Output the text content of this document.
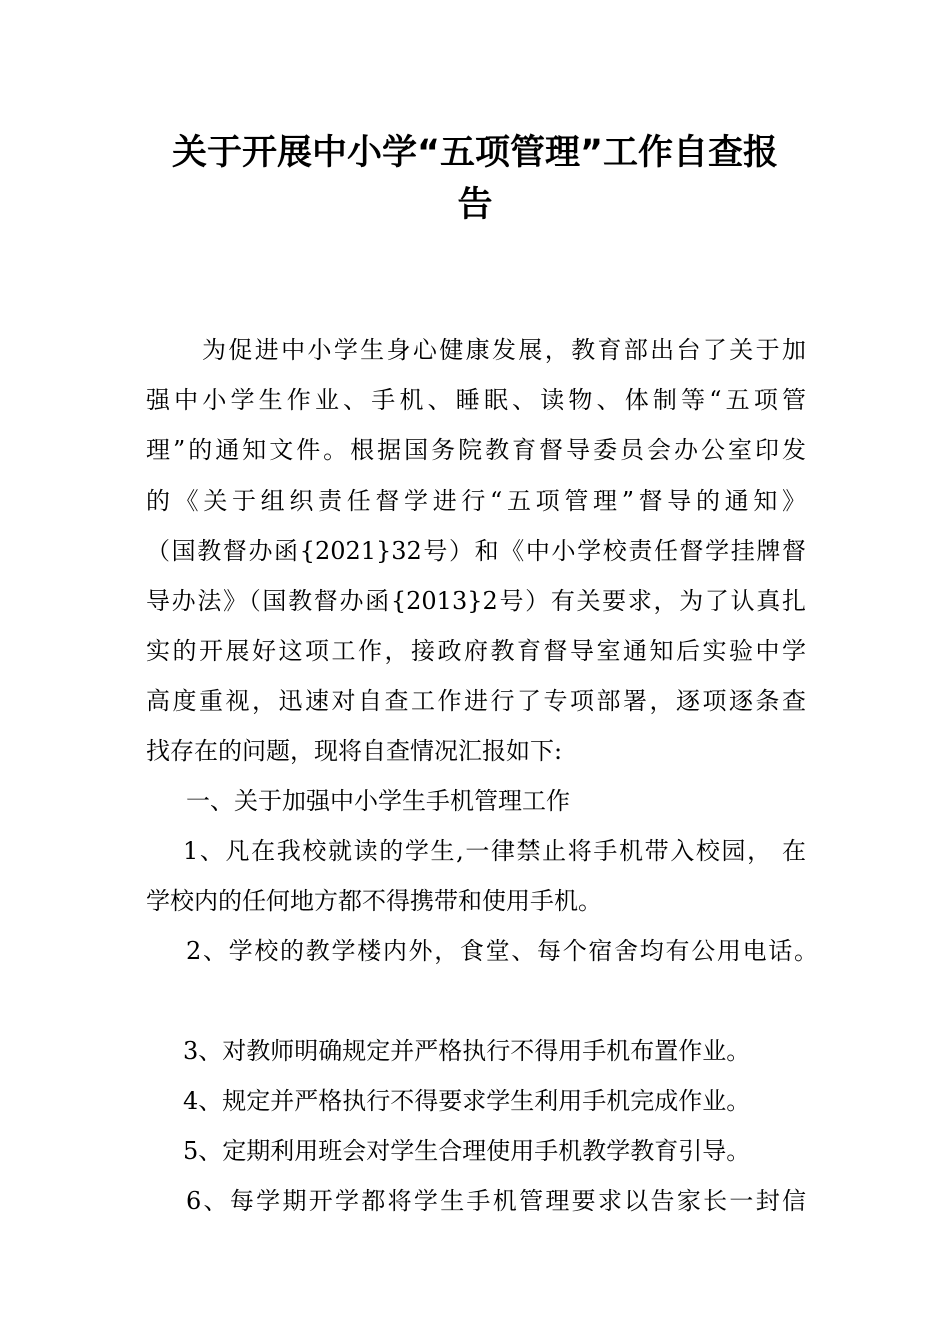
关于开展中小学“五项管理”工作自查报
告

为促进中小学生身心健康发展，教育部出台了关于加

强中小学生作业、手机、睡眠、读物、体制等“五项管

理”的通知文件。根据国务院教育督导委员会办公室印发

的《关于组织责任督学进行“五项管理”督导的通知》

（国教督办函{2021}32号）和《中小学校责任督学挂牌督

导办法》（国教督办函{2013}2号）有关要求，为了认真扎

实的开展好这项工作，接政府教育督导室通知后实验中学

高度重视，迅速对自查工作进行了专项部署，逐项逐条查

找存在的问题，现将自查情况汇报如下:

一、关于加强中小学生手机管理工作

1、凡在我校就读的学生,一律禁止将手机带入校园， 在

学校内的任何地方都不得携带和使用手机。

2、学校的教学楼内外，食堂、每个宿舍均有公用电话。

3、对教师明确规定并严格执行不得用手机布置作业。

4、规定并严格执行不得要求学生利用手机完成作业。

5、定期利用班会对学生合理使用手机教学教育引导。

6、每学期开学都将学生手机管理要求以告家长一封信
